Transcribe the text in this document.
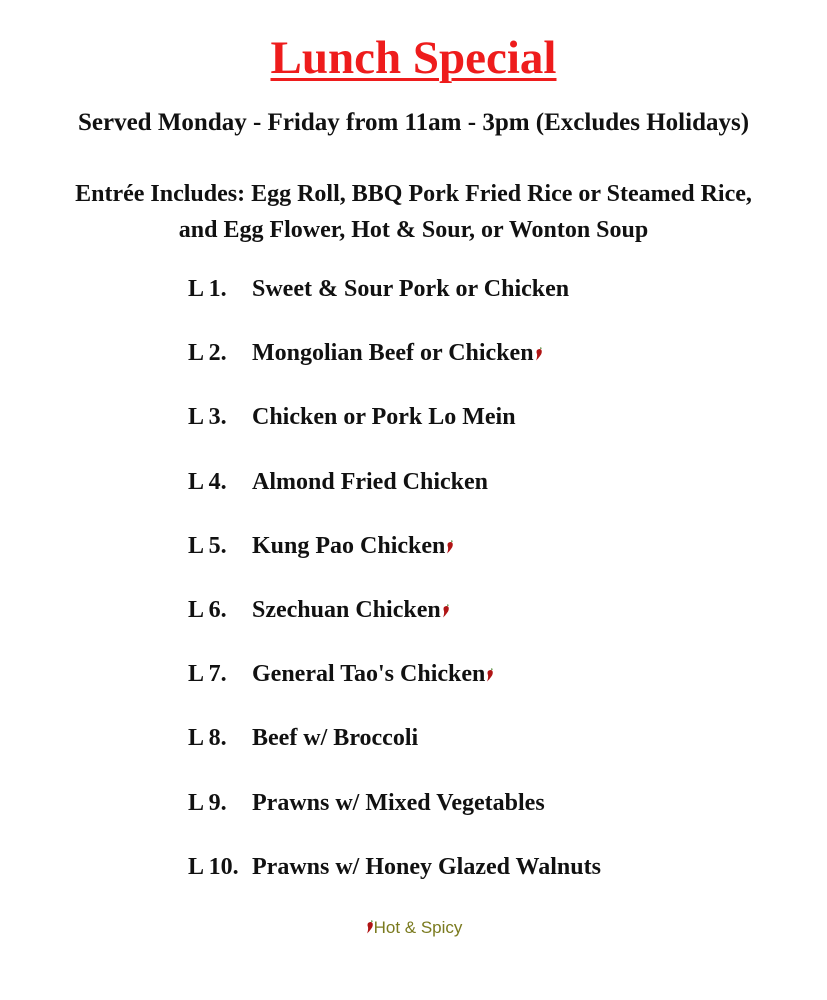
Lunch Special
Served Monday - Friday from 11am - 3pm (Excludes Holidays)
Entrée Includes: Egg Roll, BBQ Pork Fried Rice or Steamed Rice,
and Egg Flower, Hot & Sour, or Wonton Soup
L 1. Sweet & Sour Pork or Chicken
L 2. Mongolian Beef or Chicken
L 3. Chicken or Pork Lo Mein
L 4. Almond Fried Chicken
L 5. Kung Pao Chicken
L 6. Szechuan Chicken
L 7. General Tao's Chicken
L 8. Beef w/ Broccoli
L 9. Prawns w/ Mixed Vegetables
L 10. Prawns w/ Honey Glazed Walnuts
Hot & Spicy
